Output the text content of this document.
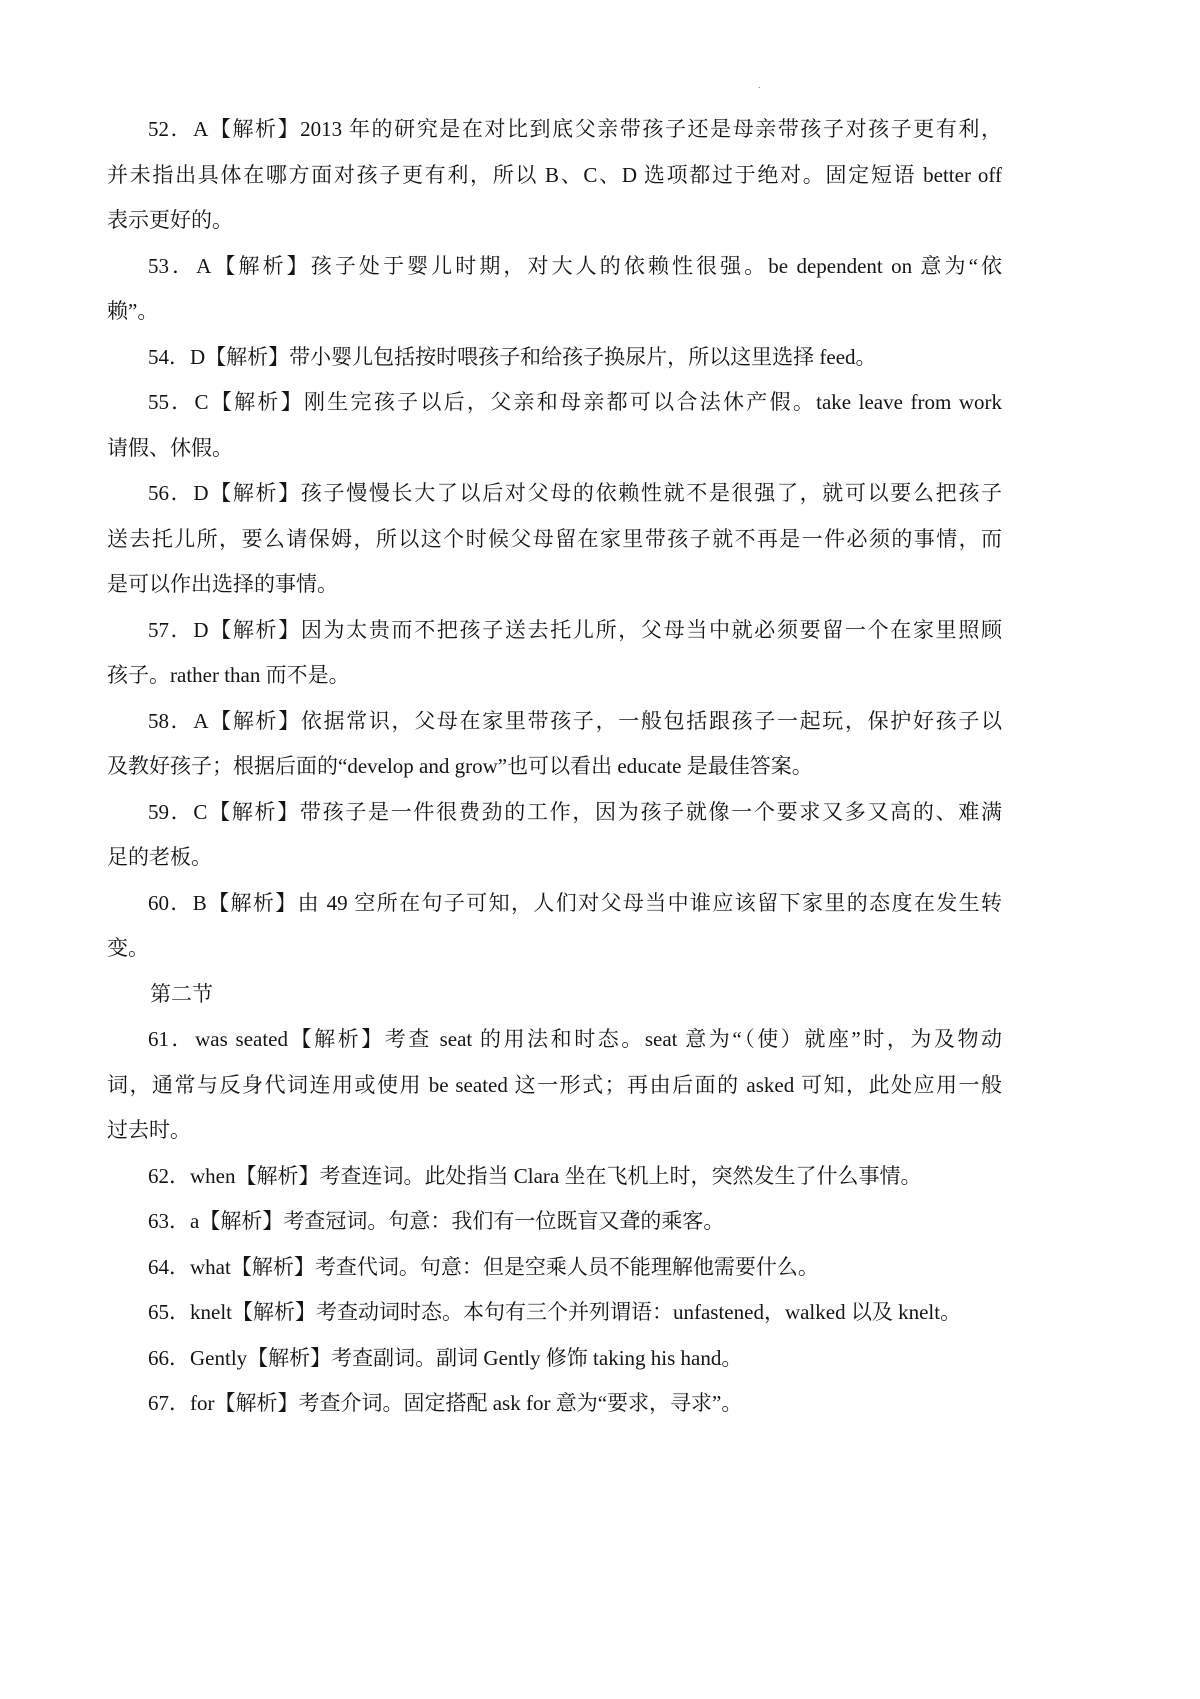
.
52．A【解析】2013 年的研究是在对比到底父亲带孩子还是母亲带孩子对孩子更有利，
并未指出具体在哪方面对孩子更有利，所以 B、C、D 选项都过于绝对。固定短语 better off
表示更好的。
53．A【解析】孩子处于婴儿时期，对大人的依赖性很强。be dependent on 意为“依
赖”。
54．D【解析】带小婴儿包括按时喂孩子和给孩子换尿片，所以这里选择 feed。
55．C【解析】刚生完孩子以后，父亲和母亲都可以合法休产假。take leave from work
请假、休假。
56．D【解析】孩子慢慢长大了以后对父母的依赖性就不是很强了，就可以要么把孩子
送去托儿所，要么请保姆，所以这个时候父母留在家里带孩子就不再是一件必须的事情，而
是可以作出选择的事情。
57．D【解析】因为太贵而不把孩子送去托儿所，父母当中就必须要留一个在家里照顾
孩子。rather than 而不是。
58．A【解析】依据常识，父母在家里带孩子，一般包括跟孩子一起玩，保护好孩子以
及教好孩子；根据后面的“develop and grow”也可以看出 educate 是最佳答案。
59．C【解析】带孩子是一件很费劲的工作，因为孩子就像一个要求又多又高的、难满
足的老板。
60．B【解析】由 49 空所在句子可知，人们对父母当中谁应该留下家里的态度在发生转
变。
第二节
61．was seated【解析】考查 seat 的用法和时态。seat 意为“（使）就座”时，为及物动
词，通常与反身代词连用或使用 be seated 这一形式；再由后面的 asked 可知，此处应用一般
过去时。
62．when【解析】考查连词。此处指当 Clara 坐在飞机上时，突然发生了什么事情。
63．a【解析】考查冠词。句意：我们有一位既盲又聋的乘客。
64．what【解析】考查代词。句意：但是空乘人员不能理解他需要什么。
65．knelt【解析】考查动词时态。本句有三个并列谓语：unfastened，walked 以及 knelt。
66．Gently【解析】考查副词。副词 Gently 修饰 taking his hand。
67．for【解析】考查介词。固定搭配 ask for 意为“要求，寻求”。
